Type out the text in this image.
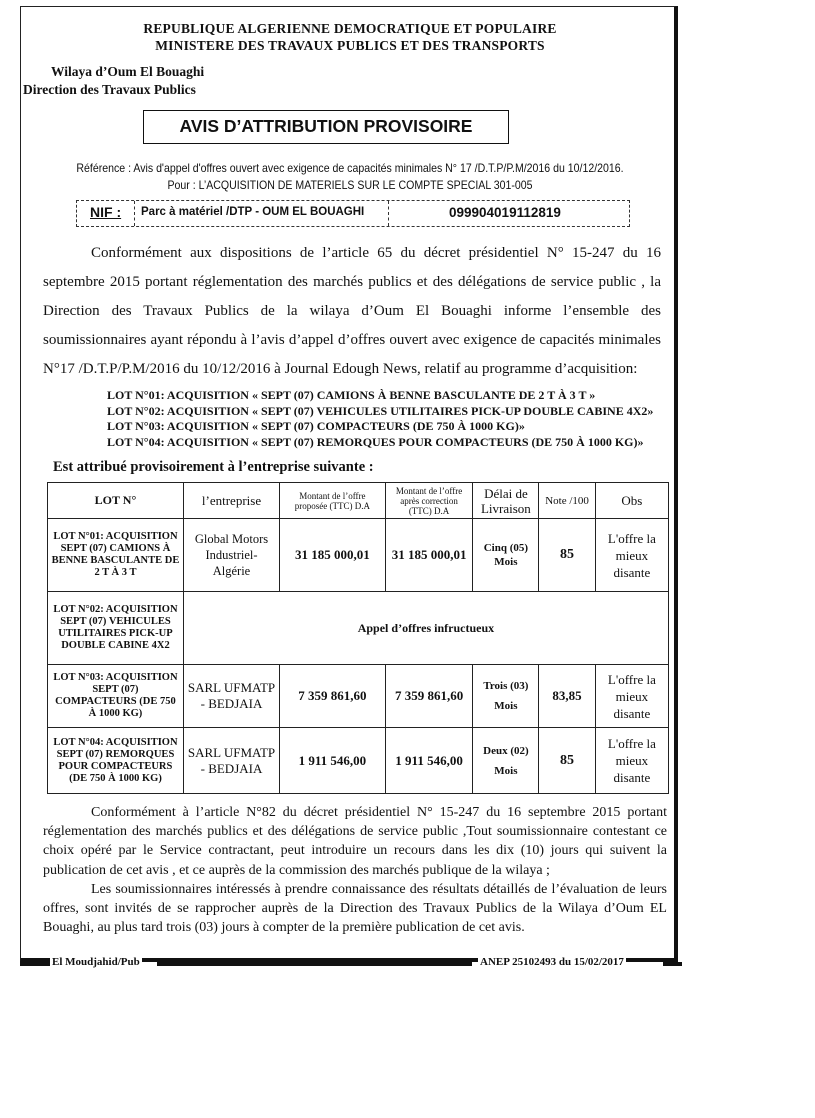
REPUBLIQUE ALGERIENNE DEMOCRATIQUE ET POPULAIRE
MINISTERE DES TRAVAUX PUBLICS ET DES TRANSPORTS
Wilaya d’Oum El Bouaghi
Direction des Travaux Publics
AVIS D’ATTRIBUTION PROVISOIRE
Référence : Avis d'appel d'offres ouvert avec exigence de capacités minimales N° 17 /D.T.P/P.M/2016 du 10/12/2016.
Pour : L’ACQUISITION DE MATERIELS SUR LE COMPTE SPECIAL 301-005
NIF : Parc à matériel /DTP - OUM EL BOUAGHI	099904019112819
Conformément aux dispositions de l’article 65 du décret présidentiel N° 15-247 du 16 septembre 2015 portant réglementation des marchés publics et des délégations de service public , la Direction des Travaux Publics de la wilaya d’Oum El Bouaghi informe l’ensemble des soumissionnaires ayant répondu à l’avis d’appel d’offres ouvert avec exigence de capacités minimales N°17 /D.T.P/P.M/2016 du 10/12/2016 à Journal Edough News, relatif au programme d’acquisition:
LOT N°01: ACQUISITION « SEPT (07) CAMIONS À BENNE BASCULANTE DE 2 T À 3 T »
LOT N°02: ACQUISITION « SEPT (07) VEHICULES UTILITAIRES PICK-UP DOUBLE CABINE 4X2»
LOT N°03: ACQUISITION « SEPT (07) COMPACTEURS (DE 750 À 1000 KG)»
LOT N°04: ACQUISITION « SEPT (07) REMORQUES POUR COMPACTEURS (DE 750 À 1000 KG)»
Est attribué provisoirement à l’entreprise suivante :
LOT N°	l’entreprise	Montant de l’offre proposée (TTC) D.A	Montant de l’offre après correction (TTC) D.A	Délai de Livraison	Note /100	Obs
LOT N°01: ACQUISITION SEPT (07) CAMIONS À BENNE BASCULANTE DE 2 T À 3 T	Global Motors Industriel-Algérie	31 185 000,01	31 185 000,01	Cinq (05) Mois	85	L'offre la mieux disante
LOT N°02: ACQUISITION SEPT (07) VEHICULES UTILITAIRES PICK-UP DOUBLE CABINE 4X2	Appel d’offres infructueux					
LOT N°03: ACQUISITION SEPT (07) COMPACTEURS (DE 750 À 1000 KG)	SARL UFMATP - BEDJAIA	7 359 861,60	7 359 861,60	Trois (03) Mois	83,85	L'offre la mieux disante
LOT N°04: ACQUISITION SEPT (07) REMORQUES POUR COMPACTEURS (DE 750 À 1000 KG)	SARL UFMATP - BEDJAIA	1 911 546,00	1 911 546,00	Deux (02) Mois	85	L'offre la mieux disante
Conformément à l’article N°82 du décret présidentiel N° 15-247 du 16 septembre 2015 portant réglementation des marchés publics et des délégations de service public ,Tout soumissionnaire contestant ce choix opéré par le Service contractant, peut introduire un recours dans les dix (10) jours qui suivent la publication de cet avis , et ce auprès de la commission des marchés publique de la wilaya ;
Les soumissionnaires intéressés à prendre connaissance des résultats détaillés de l’évaluation de leurs offres, sont invités de se rapprocher auprès de la Direction des Travaux Publics de la Wilaya d’Oum EL Bouaghi, au plus tard trois (03) jours à compter de la première publication de cet avis.
El Moudjahid/Pub	ANEP 25102493 du 15/02/2017
